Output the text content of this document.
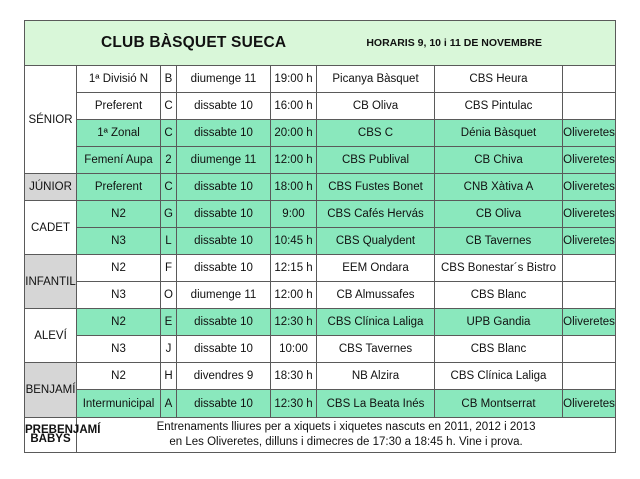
CLUB BÀSQUET SUECA HORARIS 9, 10 i 11 DE NOVEMBRE							

SÉNIOR	1ª Divisió N	B	diumenge 11	19:00 h	Picanya Bàsquet	CBS Heura	
	Preferent	C	dissabte 10	16:00 h	CB Oliva	CBS Pintulac	
	1ª Zonal	C	dissabte 10	20:00 h	CBS C	Dénia Bàsquet	Oliveretes
	Femení Aupa	2	diumenge 11	12:00 h	CBS Publival	CB Chiva	Oliveretes
JÚNIOR	Preferent	C	dissabte 10	18:00 h	CBS Fustes Bonet	CNB Xàtiva A	Oliveretes
CADET	N2	G	dissabte 10	9:00	CBS Cafés Hervás	CB Oliva	Oliveretes
	N3	L	dissabte 10	10:45 h	CBS Qualydent	CB Tavernes	Oliveretes
INFANTIL	N2	F	dissabte 10	12:15 h	EEM Ondara	CBS Bonestar´s Bistro	
	N3	O	diumenge 11	12:00 h	CB Almussafes	CBS Blanc	
ALEVÍ	N2	E	dissabte 10	12:30 h	CBS Clínica Laliga	UPB Gandia	Oliveretes
	N3	J	dissabte 10	10:00	CBS Tavernes	CBS Blanc	
BENJAMÍ	N2	H	divendres 9	18:30 h	NB Alzira	CBS Clínica Laliga	
	Intermunicipal	A	dissabte 10	12:30 h	CBS La Beata Inés	CB Montserrat	Oliveretes

PREBENJAMÍ
BABYS	Entrenaments lliures per a xiquets i xiquetes nascuts en 2011, 2012 i 2013
en Les Oliveretes, dilluns i dimecres de 17:30 a 18:45 h. Vine i prova.						
